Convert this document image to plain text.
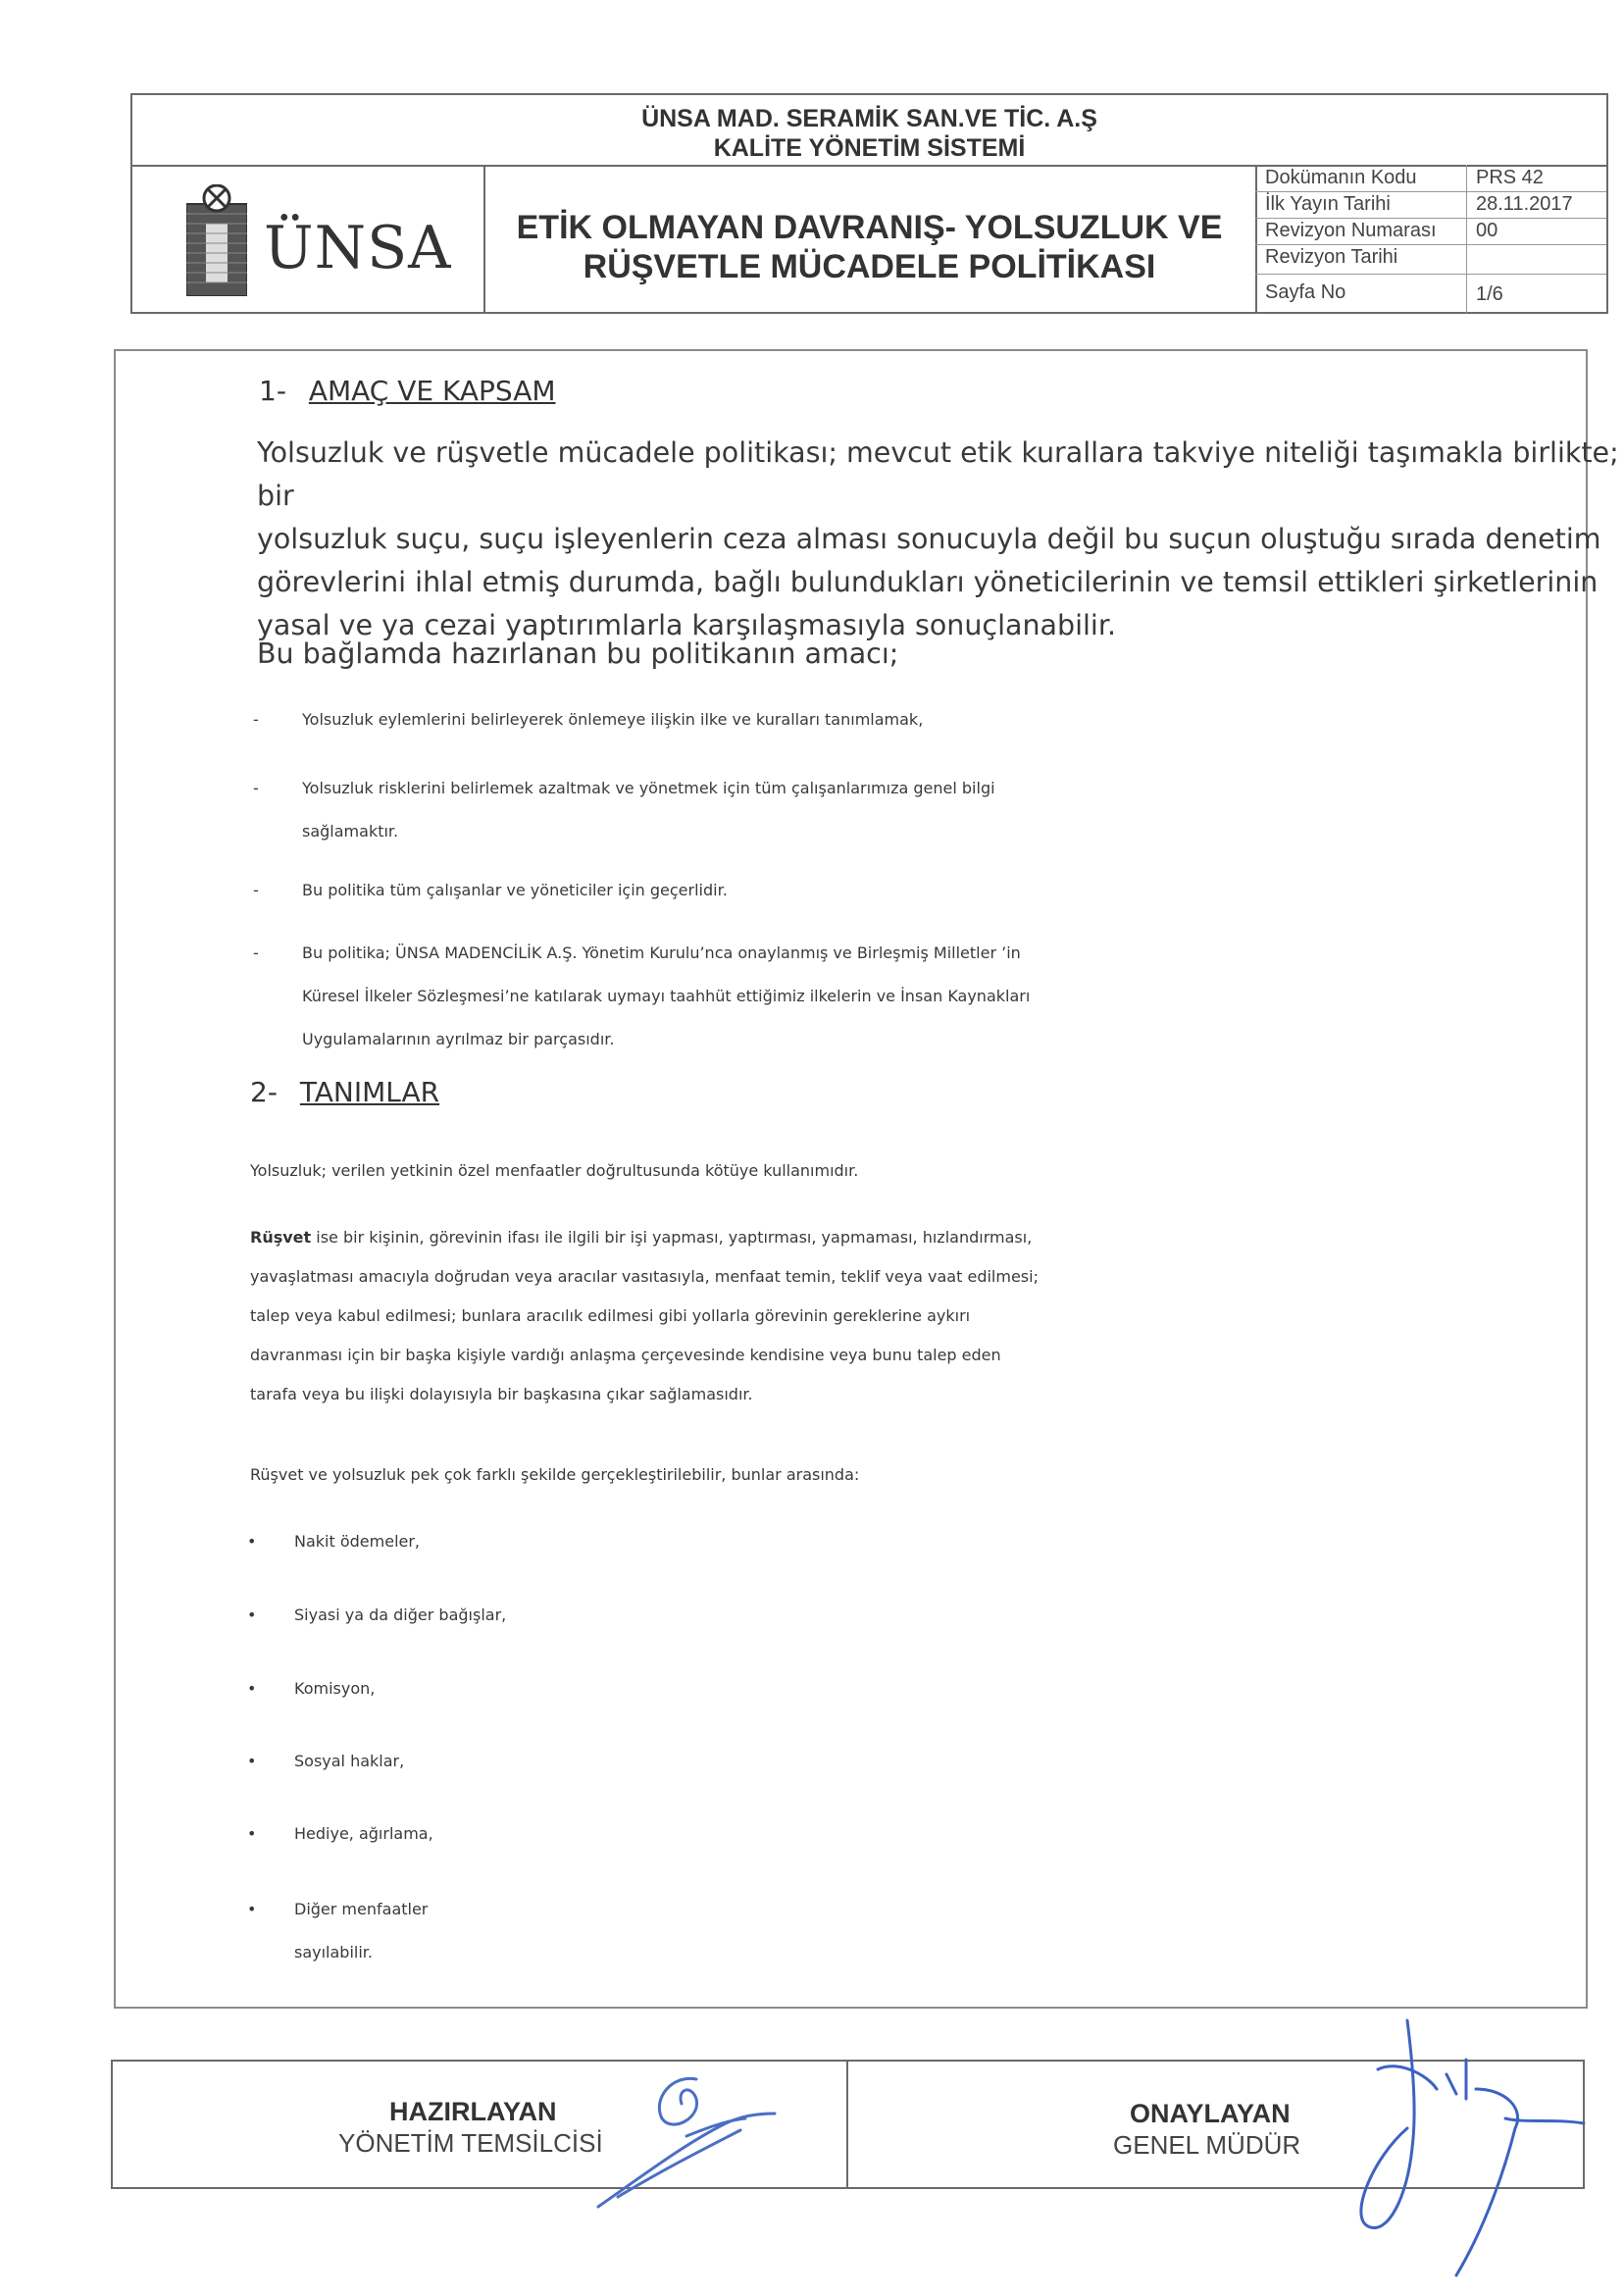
ÜNSA MAD. SERAMİK SAN.VE TİC. A.Ş
KALİTE YÖNETİM SİSTEMİ
ÜNSA	ETİK OLMAYAN DAVRANIŞ- YOLSUZLUK VE
RÜŞVETLE MÜCADELE POLİTİKASI
Dokümanın Kodu	PRS 42
İlk Yayın Tarihi	28.11.2017
Revizyon Numarası 00
Revizyon Tarihi
Sayfa No	1/6
1- AMAÇ VE KAPSAM
Yolsuzluk ve rüşvetle mücadele politikası; mevcut etik kurallara takviye niteliği taşımakla birlikte; bir
yolsuzluk suçu, suçu işleyenlerin ceza alması sonucuyla değil bu suçun oluştuğu sırada denetim
görevlerini ihlal etmiş durumda, bağlı bulundukları yöneticilerinin ve temsil ettikleri şirketlerinin
yasal ve ya cezai yaptırımlarla karşılaşmasıyla sonuçlanabilir.
Bu bağlamda hazırlanan bu politikanın amacı;
-	Yolsuzluk eylemlerini belirleyerek önlemeye ilişkin ilke ve kuralları tanımlamak,
-	Yolsuzluk risklerini belirlemek azaltmak ve yönetmek için tüm çalışanlarımıza genel bilgi
sağlamaktır.
-	Bu politika tüm çalışanlar ve yöneticiler için geçerlidir.
-	Bu politika; ÜNSA MADENCİLİK A.Ş. Yönetim Kurulu’nca onaylanmış ve Birleşmiş Milletler ’in
Küresel İlkeler Sözleşmesi’ne katılarak uymayı taahhüt ettiğimiz ilkelerin ve İnsan Kaynakları
Uygulamalarının ayrılmaz bir parçasıdır.
2- TANIMLAR
Yolsuzluk; verilen yetkinin özel menfaatler doğrultusunda kötüye kullanımıdır.
Rüşvet ise bir kişinin, görevinin ifası ile ilgili bir işi yapması, yaptırması, yapmaması, hızlandırması,
yavaşlatması amacıyla doğrudan veya aracılar vasıtasıyla, menfaat temin, teklif veya vaat edilmesi;
talep veya kabul edilmesi; bunlara aracılık edilmesi gibi yollarla görevinin gereklerine aykırı
davranması için bir başka kişiyle vardığı anlaşma çerçevesinde kendisine veya bunu talep eden
tarafa veya bu ilişki dolayısıyla bir başkasına çıkar sağlamasıdır.
Rüşvet ve yolsuzluk pek çok farklı şekilde gerçekleştirilebilir, bunlar arasında:
• Nakit ödemeler,
• Siyasi ya da diğer bağışlar,
• Komisyon,
• Sosyal haklar,
• Hediye, ağırlama,
• Diğer menfaatler
sayılabilir.
HAZIRLAYAN
YÖNETİM TEMSİLCİSİ
ONAYLAYAN
GENEL MÜDÜR
